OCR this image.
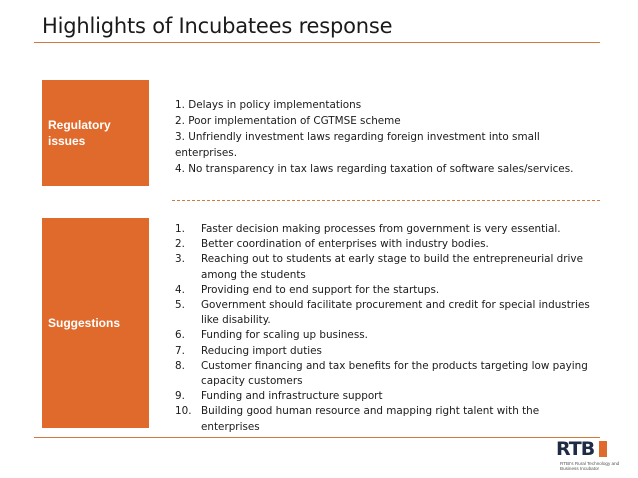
Highlights of Incubatees response
Regulatory issues
1. Delays in policy implementations
2. Poor implementation of CGTMSE scheme
3. Unfriendly investment laws regarding foreign investment into small enterprises.
4. No transparency in tax laws regarding taxation of software sales/services.
Suggestions
1.	Faster decision making processes from government is very essential.
2.	Better coordination of enterprises with industry bodies.
3.	Reaching out to students at early stage to build the entrepreneurial drive among the students
4.	Providing end to end support for the startups.
5.	Government should facilitate procurement and credit for special industries like disability.
6.	Funding for scaling up business.
7.	Reducing import duties
8.	Customer financing and tax benefits for the products targeting low paying capacity customers
9.	Funding and infrastructure support
10. Building good human resource and mapping right talent with the enterprises
RTB
RTBI's Rural Technology and Business Incubator
